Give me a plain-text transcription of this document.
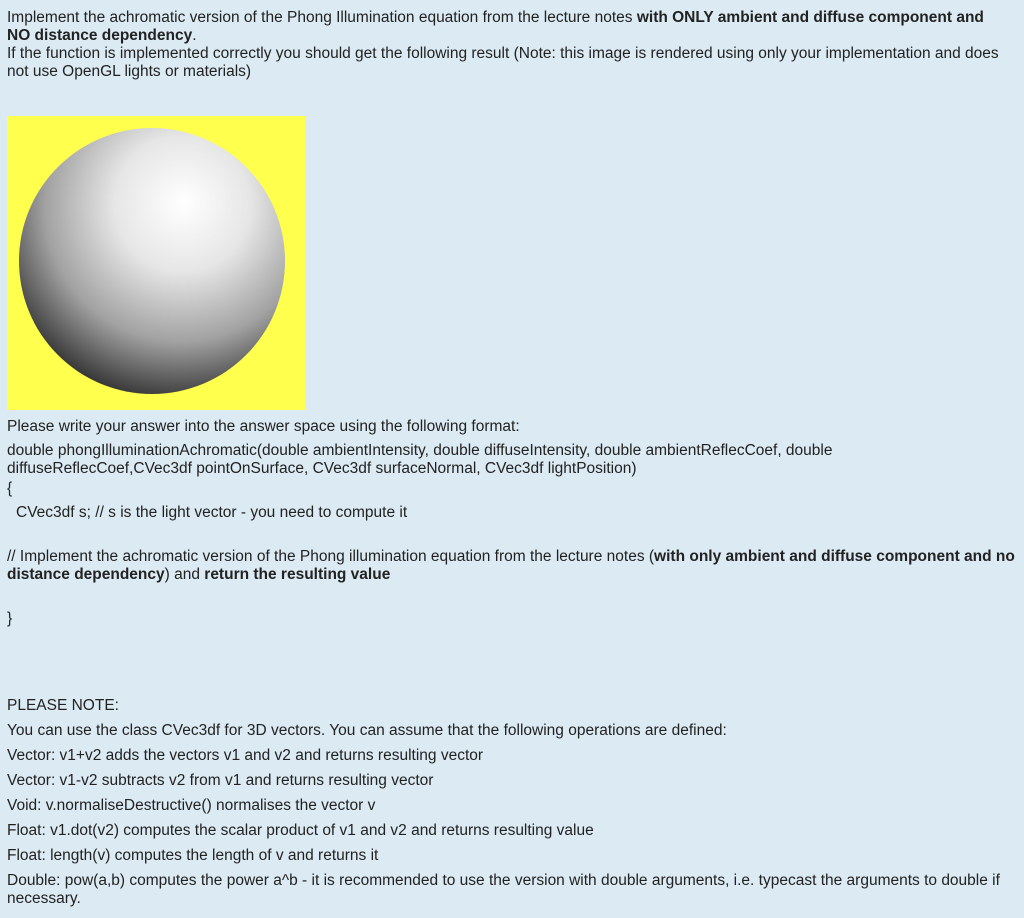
Implement the achromatic version of the Phong Illumination equation from the lecture notes with ONLY ambient and diffuse component and NO distance dependency.
If the function is implemented correctly you should get the following result (Note: this image is rendered using only your implementation and does not use OpenGL lights or materials)

Please write your answer into the answer space using the following format:

double phongIlluminationAchromatic(double ambientIntensity, double diffuseIntensity, double ambientReflecCoef, double diffuseReflecCoef,CVec3df pointOnSurface, CVec3df surfaceNormal, CVec3df lightPosition)

{

CVec3df s; // s is the light vector - you need to compute it

// Implement the achromatic version of the Phong illumination equation from the lecture notes (with only ambient and diffuse component and no distance dependency) and return the resulting value

}

PLEASE NOTE:

You can use the class CVec3df for 3D vectors. You can assume that the following operations are defined:

Vector: v1+v2 adds the vectors v1 and v2 and returns resulting vector

Vector: v1-v2 subtracts v2 from v1 and returns resulting vector

Void: v.normaliseDestructive() normalises the vector v

Float: v1.dot(v2) computes the scalar product of v1 and v2 and returns resulting value

Float: length(v) computes the length of v and returns it

Double: pow(a,b) computes the power a^b - it is recommended to use the version with double arguments, i.e. typecast the arguments to double if necessary.
